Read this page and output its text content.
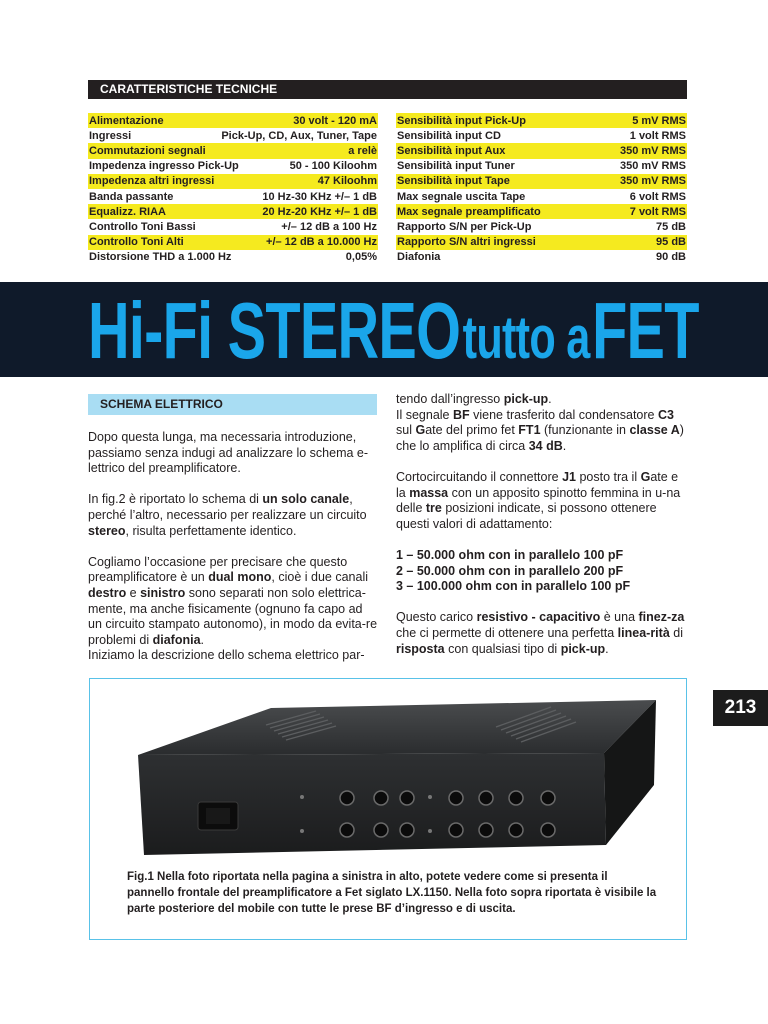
CARATTERISTICHE TECNICHE
Alimentazione	30 volt - 120 mA
Ingressi	Pick-Up, CD, Aux, Tuner, Tape
Commutazioni segnali	a relè
Impedenza ingresso Pick-Up	50 - 100 Kiloohm
Impedenza altri ingressi	47 Kiloohm
Banda passante	10 Hz-30 KHz +/– 1 dB
Equalizz. RIAA	20 Hz-20 KHz +/– 1 dB
Controllo Toni Bassi	+/– 12 dB a 100 Hz
Controllo Toni Alti	+/– 12 dB a 10.000 Hz
Distorsione THD a 1.000 Hz	0,05%
Sensibilità input Pick-Up	5 mV RMS
Sensibilità input CD	1 volt RMS
Sensibilità input Aux	350 mV RMS
Sensibilità input Tuner	350 mV RMS
Sensibilità input Tape	350 mV RMS
Max segnale uscita Tape	6 volt RMS
Max segnale preamplificato	7 volt RMS
Rapporto S/N per Pick-Up	75 dB
Rapporto S/N altri ingressi	95 dB
Diafonia	90 dB
Hi-Fi STEREO tutto a FET
SCHEMA ELETTRICO

Dopo questa lunga, ma necessaria introduzione, passiamo senza indugi ad analizzare lo schema e-lettrico del preamplificatore.

In fig.2 è riportato lo schema di un solo canale, perché l’altro, necessario per realizzare un circuito stereo, risulta perfettamente identico.

Cogliamo l’occasione per precisare che questo preamplificatore è un dual mono, cioè i due canali destro e sinistro sono separati non solo elettrica-mente, ma anche fisicamente (ognuno fa capo ad un circuito stampato autonomo), in modo da evita-re problemi di diafonia.

Iniziamo la descrizione dello schema elettrico par-

tendo dall’ingresso pick-up.

Il segnale BF viene trasferito dal condensatore C3 sul Gate del primo fet FT1 (funzionante in classe A) che lo amplifica di circa 34 dB.

Cortocircuitando il connettore J1 posto tra il Gate e la massa con un apposito spinotto femmina in u-na delle tre posizioni indicate, si possono ottenere questi valori di adattamento:

1 – 50.000 ohm con in parallelo 100 pF
2 – 50.000 ohm con in parallelo 200 pF
3 – 100.000 ohm con in parallelo 100 pF

Questo carico resistivo - capacitivo è una finez-za che ci permette di ottenere una perfetta linea-rità di risposta con qualsiasi tipo di pick-up.

213
Fig.1 Nella foto riportata nella pagina a sinistra in alto, potete vedere come si presenta il pannello frontale del preamplificatore a Fet siglato LX.1150. Nella foto sopra riportata è visibile la parte posteriore del mobile con tutte le prese BF d’ingresso e di uscita.
